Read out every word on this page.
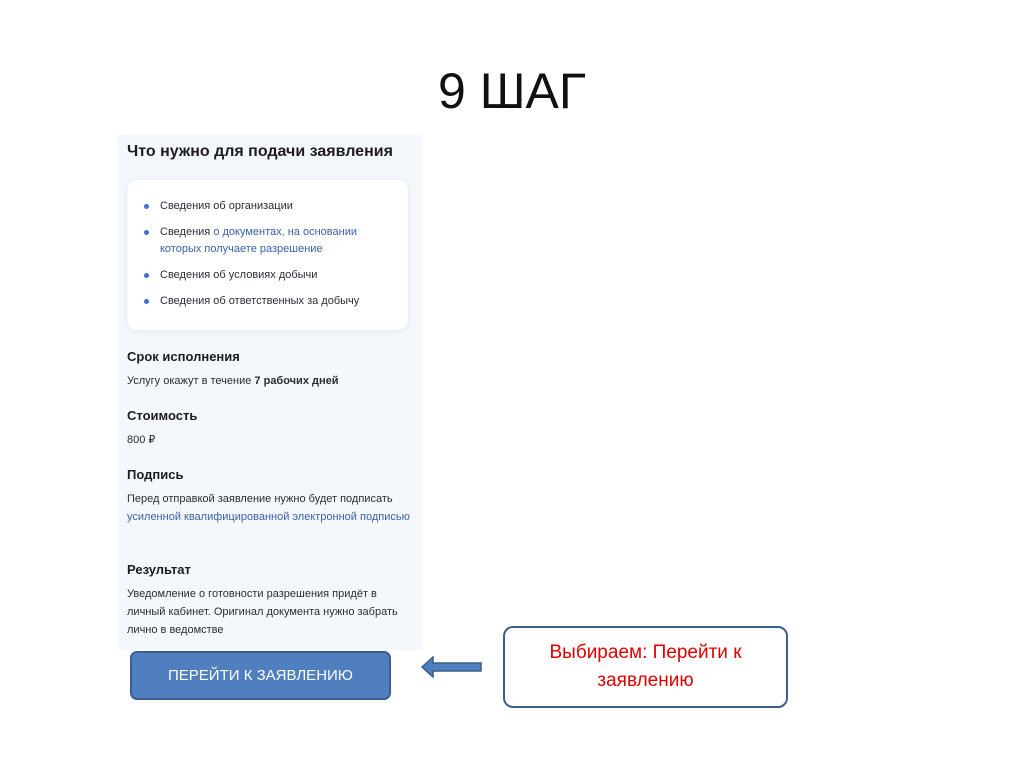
9 ШАГ
Что нужно для подачи заявления
Сведения об организации
Сведения о документах, на основании которых получаете разрешение
Сведения об условиях добычи
Сведения об ответственных за добычу
Срок исполнения

Услугу окажут в течение 7 рабочих дней

Стоимость

800 ₽

Подпись

Перед отправкой заявление нужно будет подписать усиленной квалифицированной электронной подписью

Результат

Уведомление о готовности разрешения придёт в личный кабинет. Оригинал документа нужно забрать лично в ведомстве

ПЕРЕЙТИ К ЗАЯВЛЕНИЮ
Выбираем: Перейти к заявлению
